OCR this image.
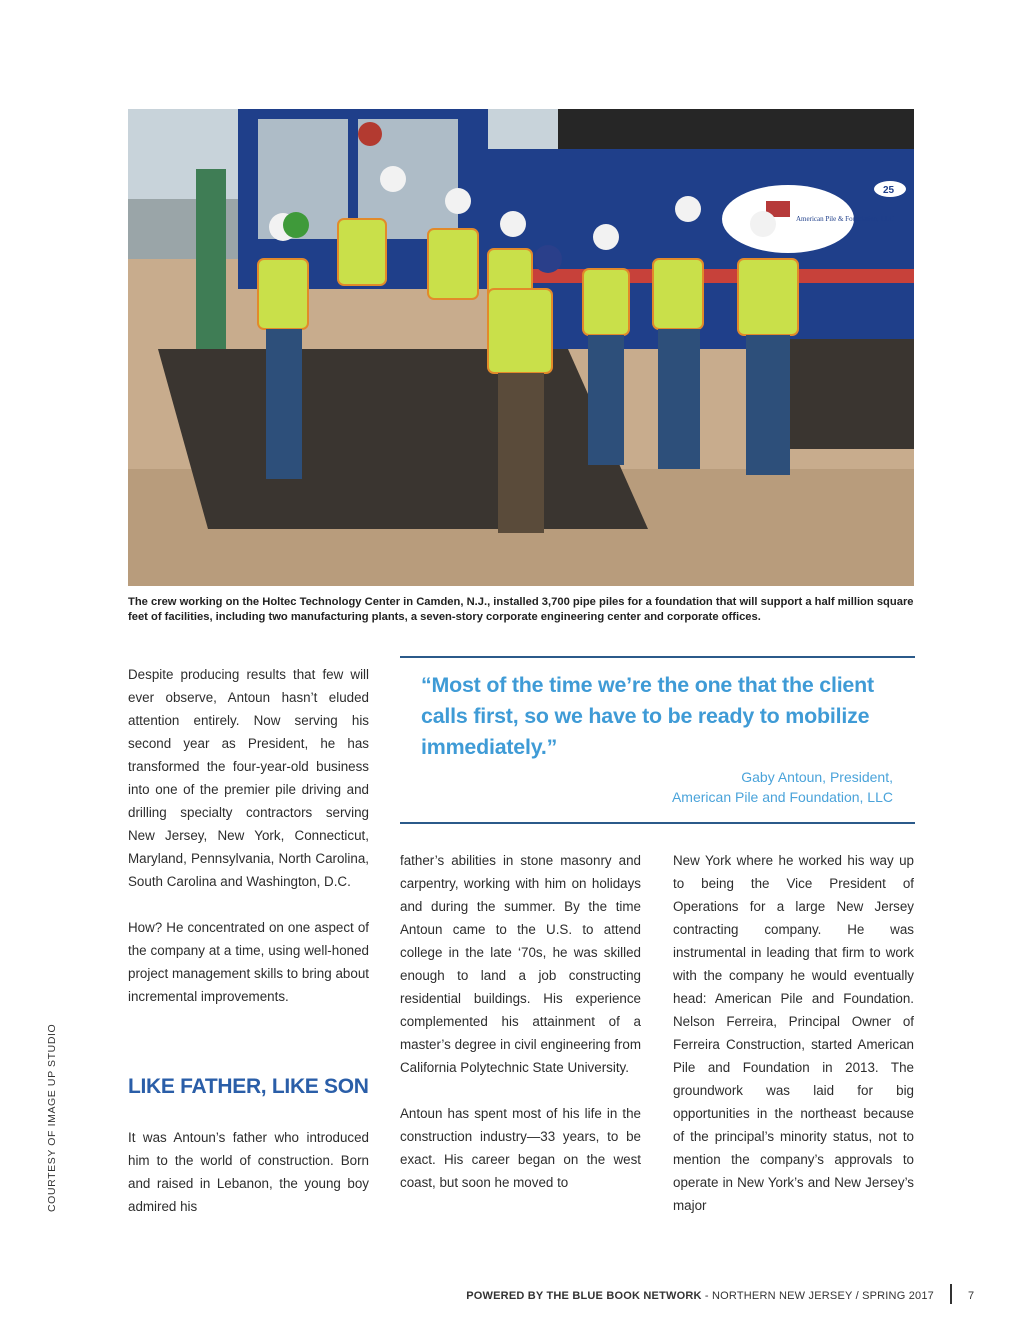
American Pile & Foundation, LLC
25
The crew working on the Holtec Technology Center in Camden, N.J., installed 3,700 pipe piles for a foundation that will support a half million square feet of facilities, including two manufacturing plants, a seven-story corporate engineering center and corporate offices.

Despite producing results that few will ever observe, Antoun hasn’t eluded attention entirely. Now serving his second year as President, he has transformed the four-year-old business into one of the premier pile driving and drilling specialty contractors serving New Jersey, New York, Connecticut, Maryland, Pennsylvania, North Carolina, South Carolina and Washington, D.C.

How? He concentrated on one aspect of the company at a time, using well-honed project management skills to bring about incremental improvements.

LIKE FATHER, LIKE SON

It was Antoun’s father who introduced him to the world of construction. Born and raised in Lebanon, the young boy admired his

“Most of the time we’re the one that the client calls first, so we have to be ready to mobilize immediately.”
Gaby Antoun, President,
American Pile and Foundation, LLC

father’s abilities in stone masonry and carpentry, working with him on holidays and during the summer. By the time Antoun came to the U.S. to attend college in the late ‘70s, he was skilled enough to land a job constructing residential buildings. His experience complemented his attainment of a master’s degree in civil engineering from California Polytechnic State University.

Antoun has spent most of his life in the construction industry—33 years, to be exact. His career began on the west coast, but soon he moved to

New York where he worked his way up to being the Vice President of Operations for a large New Jersey contracting company. He was instrumental in leading that firm to work with the company he would eventually head: American Pile and Foundation. Nelson Ferreira, Principal Owner of Ferreira Construction, started American Pile and Foundation in 2013. The groundwork was laid for big opportunities in the northeast because of the principal’s minority status, not to mention the company’s approvals to operate in New York’s and New Jersey’s major

COURTESY OF IMAGE UP STUDIO
POWERED BY THE BLUE BOOK NETWORK - NORTHERN NEW JERSEY / SPRING 2017	7
